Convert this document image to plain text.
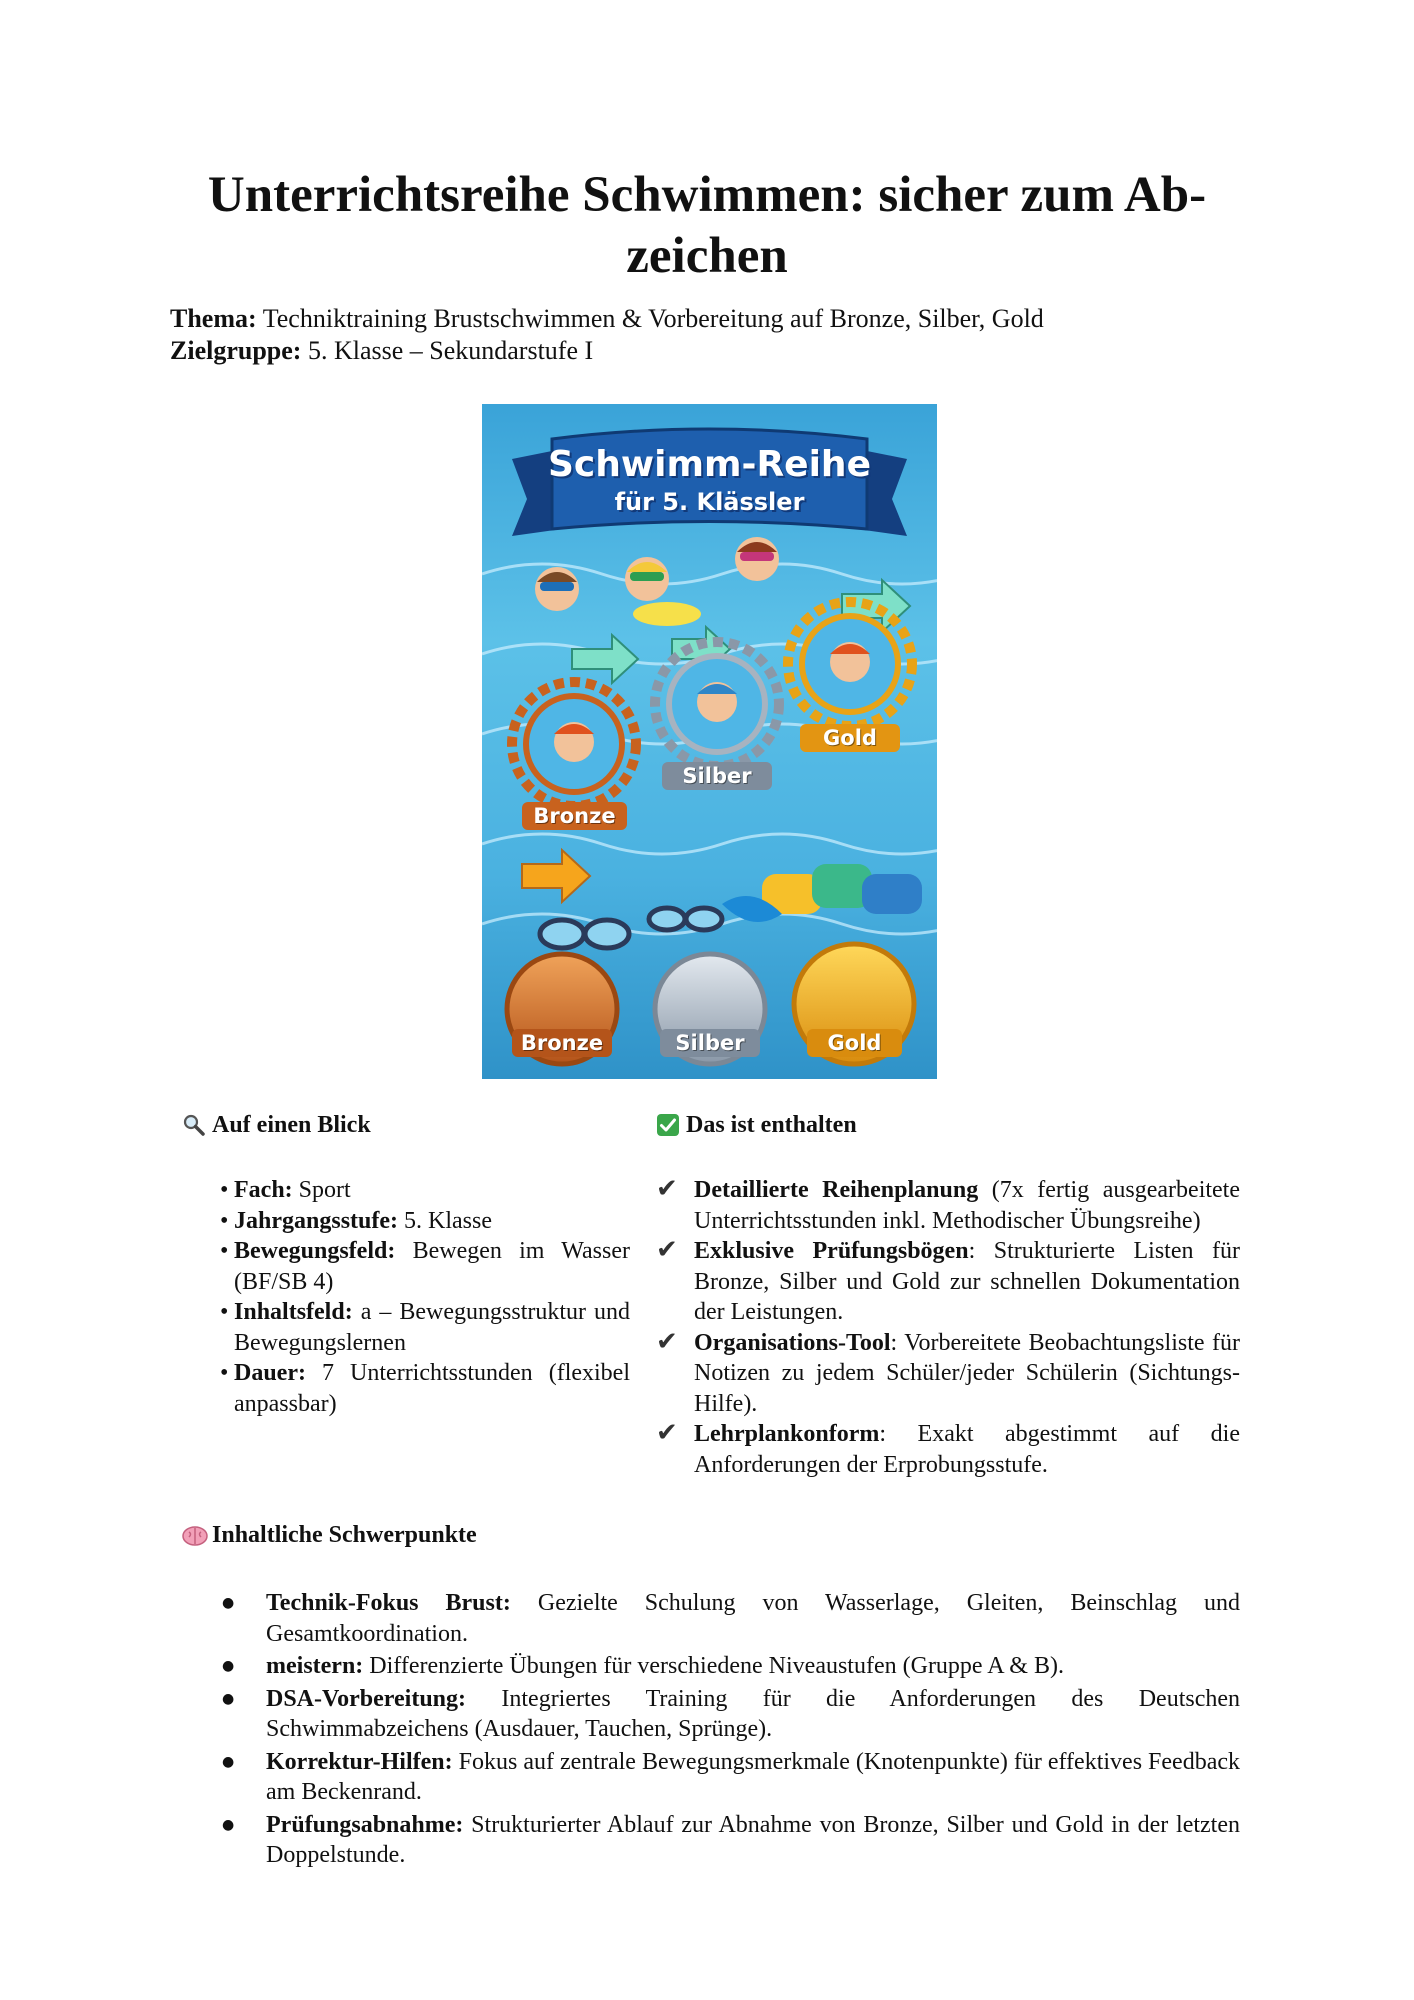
Unterrichtsreihe Schwimmen: sicher zum Ab-
zeichen
Thema: Techniktraining Brustschwimmen & Vorbereitung auf Bronze, Silber, Gold
Zielgruppe: 5. Klasse – Sekundarstufe I
Schwimm-Reihe
für 5. Klässler
Bronze
Silber
Gold
Bronze	Silber	Gold
Auf einen Blick
• Fach: Sport
• Jahrgangsstufe: 5. Klasse
• Bewegungsfeld: Bewegen im Wasser (BF/SB 4)
• Inhaltsfeld: a – Bewegungsstruktur und Bewegungslernen
• Dauer: 7 Unterrichtsstunden (flexibel anpassbar)
Das ist enthalten
✔ Detaillierte Reihenplanung (7x fertig ausgearbeitete Unterrichtsstunden inkl. Methodischer Übungsreihe)
✔ Exklusive Prüfungsbögen: Strukturierte Listen für Bronze, Silber und Gold zur schnellen Dokumentation der Leistungen.
✔ Organisations-Tool: Vorbereitete Beobachtungsliste für Notizen zu jedem Schüler/jeder Schülerin (Sichtungs-Hilfe).
✔ Lehrplankonform: Exakt abgestimmt auf die Anforderungen der Erprobungsstufe.
Inhaltliche Schwerpunkte
● Technik-Fokus Brust: Gezielte Schulung von Wasserlage, Gleiten, Beinschlag und Gesamtkoordination.
● meistern: Differenzierte Übungen für verschiedene Niveaustufen (Gruppe A & B).
● DSA-Vorbereitung: Integriertes Training für die Anforderungen des Deutschen Schwimmabzeichens (Ausdauer, Tauchen, Sprünge).
● Korrektur-Hilfen: Fokus auf zentrale Bewegungsmerkmale (Knotenpunkte) für effektives Feedback am Beckenrand.
● Prüfungsabnahme: Strukturierter Ablauf zur Abnahme von Bronze, Silber und Gold in der letzten Doppelstunde.
